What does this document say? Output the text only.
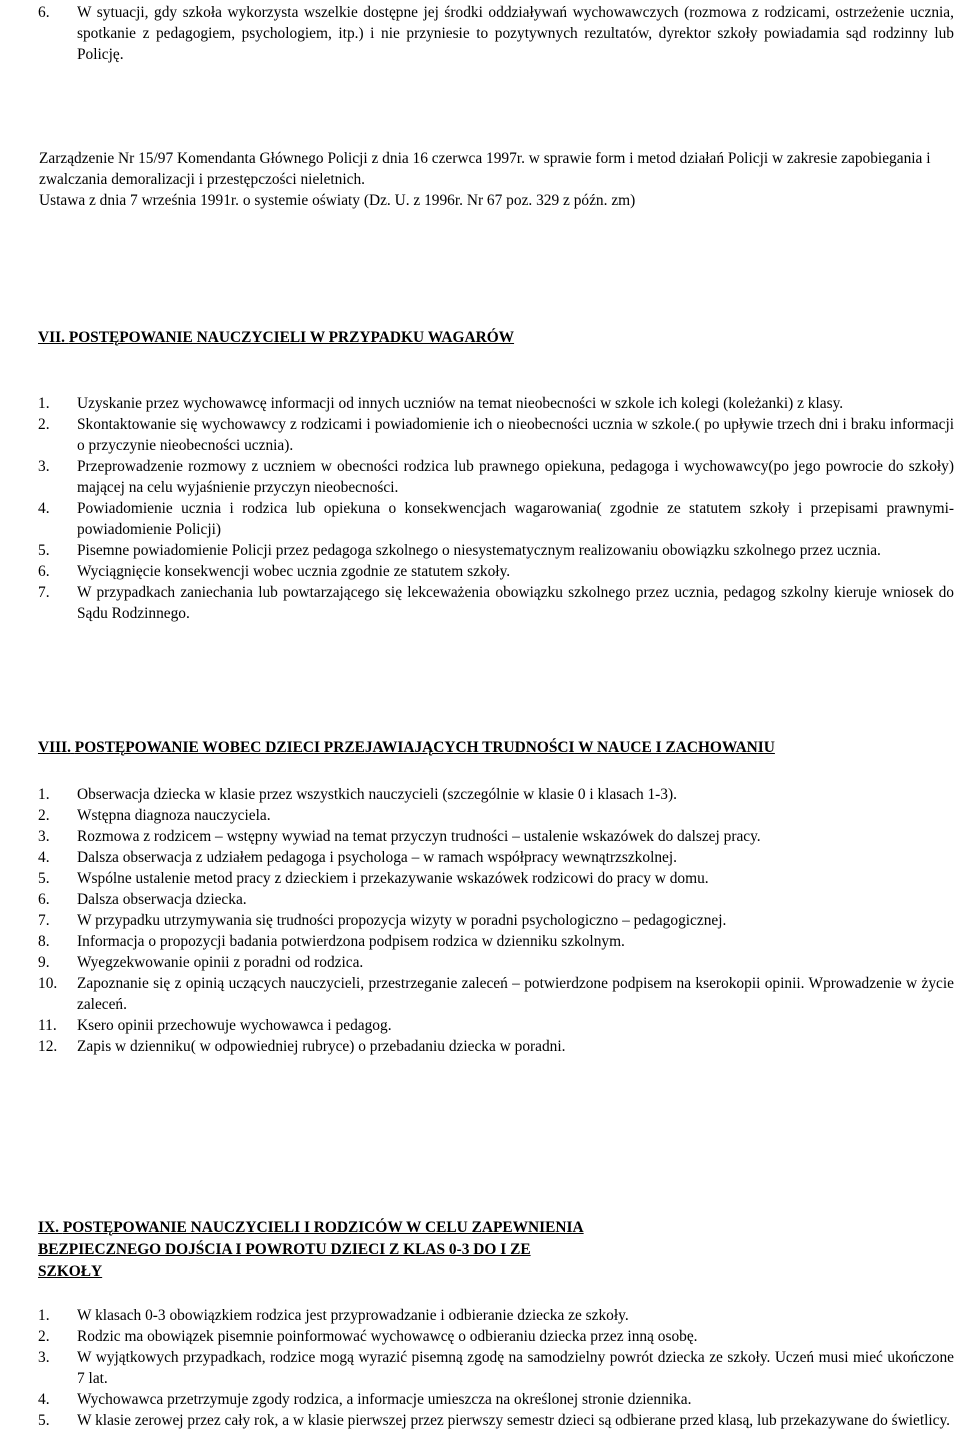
6. W sytuacji, gdy szkoła wykorzysta wszelkie dostępne jej środki oddziaływań wychowawczych (rozmowa z rodzicami, ostrzeżenie ucznia, spotkanie z pedagogiem, psychologiem, itp.) i nie przyniesie to pozytywnych rezultatów, dyrektor szkoły powiadamia sąd rodzinny lub Policję.

Zarządzenie Nr 15/97 Komendanta Głównego Policji z dnia 16 czerwca 1997r. w sprawie form i metod działań Policji w zakresie zapobiegania i zwalczania demoralizacji i przestępczości nieletnich.

Ustawa z dnia 7 września 1991r. o systemie oświaty (Dz. U. z 1996r. Nr 67 poz. 329 z późn. zm)

VII. POSTĘPOWANIE NAUCZYCIELI W PRZYPADKU WAGARÓW
1. Uzyskanie przez wychowawcę informacji od innych uczniów na temat nieobecności w szkole ich kolegi (koleżanki) z klasy.
2. Skontaktowanie się wychowawcy z rodzicami i powiadomienie ich o nieobecności ucznia w szkole.( po upływie trzech dni i braku informacji o przyczynie nieobecności ucznia).
3. Przeprowadzenie rozmowy z uczniem w obecności rodzica lub prawnego opiekuna, pedagoga i wychowawcy(po jego powrocie do szkoły) mającej na celu wyjaśnienie przyczyn nieobecności.
4. Powiadomienie ucznia i rodzica lub opiekuna o konsekwencjach wagarowania( zgodnie ze statutem szkoły i przepisami prawnymi-powiadomienie Policji)
5. Pisemne powiadomienie Policji przez pedagoga szkolnego o niesystematycznym realizowaniu obowiązku szkolnego przez ucznia.
6. Wyciągnięcie konsekwencji wobec ucznia zgodnie ze statutem szkoły.
7. W przypadkach zaniechania lub powtarzającego się lekceważenia obowiązku szkolnego przez ucznia, pedagog szkolny kieruje wniosek do Sądu Rodzinnego.
VIII. POSTĘPOWANIE WOBEC DZIECI PRZEJAWIAJĄCYCH TRUDNOŚCI W NAUCE I ZACHOWANIU
1. Obserwacja dziecka w klasie przez wszystkich nauczycieli (szczególnie w klasie 0 i klasach 1-3).
2. Wstępna diagnoza nauczyciela.
3. Rozmowa z rodzicem – wstępny wywiad na temat przyczyn trudności – ustalenie wskazówek do dalszej pracy.
4. Dalsza obserwacja z udziałem pedagoga i psychologa – w ramach współpracy wewnątrzszkolnej.
5. Wspólne ustalenie metod pracy z dzieckiem i przekazywanie wskazówek rodzicowi do pracy w domu.
6. Dalsza obserwacja dziecka.
7. W przypadku utrzymywania się trudności propozycja wizyty w poradni psychologiczno – pedagogicznej.
8. Informacja o propozycji badania potwierdzona podpisem rodzica w dzienniku szkolnym.
9. Wyegzekwowanie opinii z poradni od rodzica.
10. Zapoznanie się z opinią uczących nauczycieli, przestrzeganie zaleceń – potwierdzone podpisem na kserokopii opinii. Wprowadzenie w życie zaleceń.
11. Ksero opinii przechowuje wychowawca i pedagog.
12. Zapis w dzienniku( w odpowiedniej rubryce) o przebadaniu dziecka w poradni.
IX. POSTĘPOWANIE NAUCZYCIELI I RODZICÓW W CELU ZAPEWNIENIA
BEZPIECZNEGO DOJŚCIA I POWROTU DZIECI Z KLAS 0-3 DO I ZE
SZKOŁY
1. W klasach 0-3 obowiązkiem rodzica jest przyprowadzanie i odbieranie dziecka ze szkoły.
2. Rodzic ma obowiązek pisemnie poinformować wychowawcę o odbieraniu dziecka przez inną osobę.
3. W wyjątkowych przypadkach, rodzice mogą wyrazić pisemną zgodę na samodzielny powrót dziecka ze szkoły. Uczeń musi mieć ukończone 7 lat.
4. Wychowawca przetrzymuje zgody rodzica, a informacje umieszcza na określonej stronie dziennika.
5. W klasie zerowej przez cały rok, a w klasie pierwszej przez pierwszy semestr dzieci są odbierane przed klasą, lub przekazywane do świetlicy.
